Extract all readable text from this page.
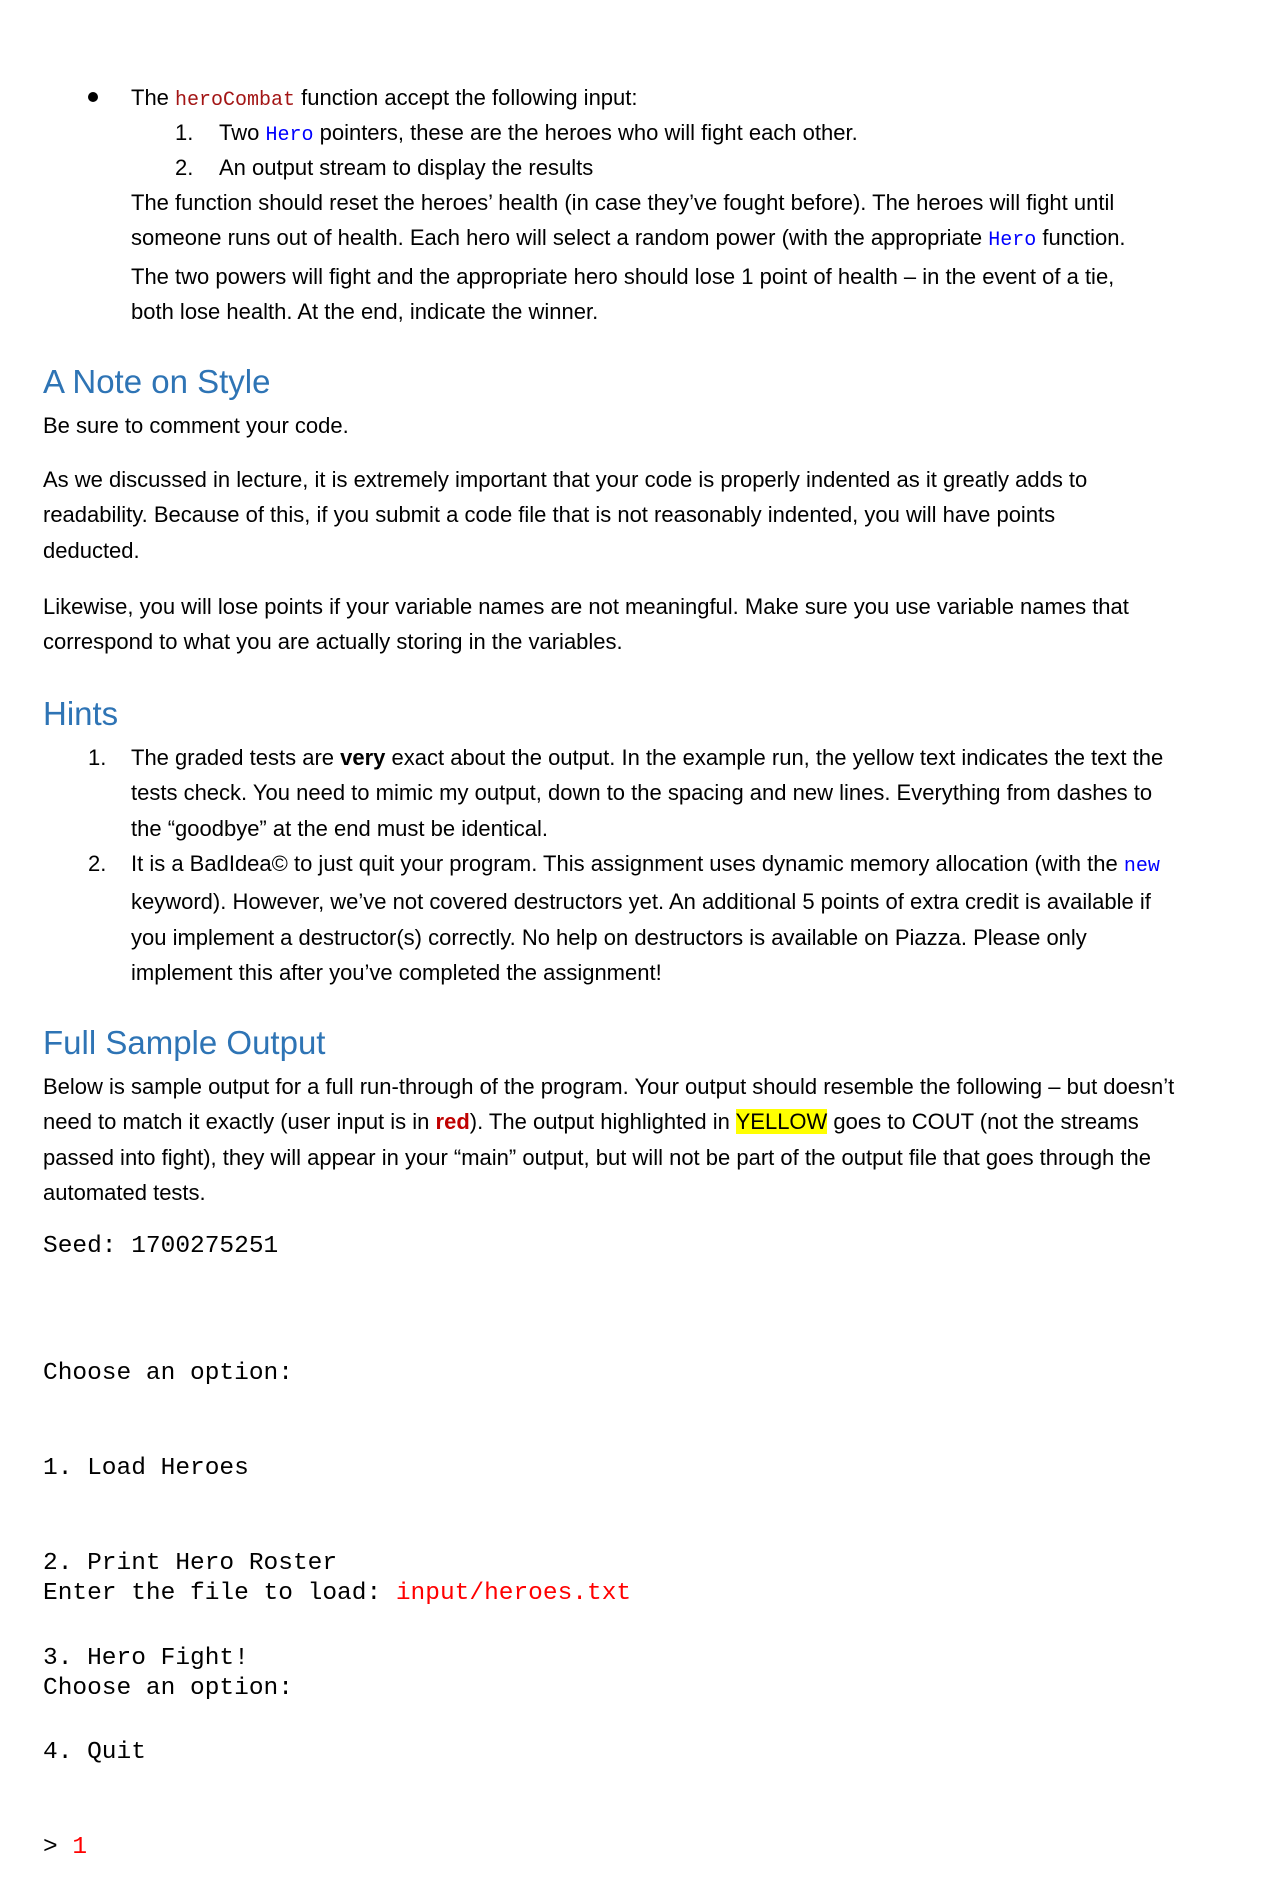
The heroCombat function accept the following input:
1. Two Hero pointers, these are the heroes who will fight each other.
2. An output stream to display the results
The function should reset the heroes’ health (in case they’ve fought before). The heroes will fight until someone runs out of health. Each hero will select a random power (with the appropriate Hero function. The two powers will fight and the appropriate hero should lose 1 point of health – in the event of a tie, both lose health. At the end, indicate the winner.
A Note on Style
Be sure to comment your code.
As we discussed in lecture, it is extremely important that your code is properly indented as it greatly adds to readability. Because of this, if you submit a code file that is not reasonably indented, you will have points deducted.
Likewise, you will lose points if your variable names are not meaningful. Make sure you use variable names that correspond to what you are actually storing in the variables.
Hints
1. The graded tests are very exact about the output. In the example run, the yellow text indicates the text the tests check. You need to mimic my output, down to the spacing and new lines. Everything from dashes to the “goodbye” at the end must be identical.
2. It is a BadIdea© to just quit your program. This assignment uses dynamic memory allocation (with the new keyword). However, we’ve not covered destructors yet. An additional 5 points of extra credit is available if you implement a destructor(s) correctly. No help on destructors is available on Piazza. Please only implement this after you’ve completed the assignment!
Full Sample Output
Below is sample output for a full run-through of the program. Your output should resemble the following – but doesn’t need to match it exactly (user input is in red). The output highlighted in YELLOW goes to COUT (not the streams passed into fight), they will appear in your “main” output, but will not be part of the output file that goes through the automated tests.
Seed: 1700275251

Choose an option:

1. Load Heroes

2. Print Hero Roster

3. Hero Fight!

4. Quit

> 1

Enter the file to load: input/heroes.txt

Choose an option:
